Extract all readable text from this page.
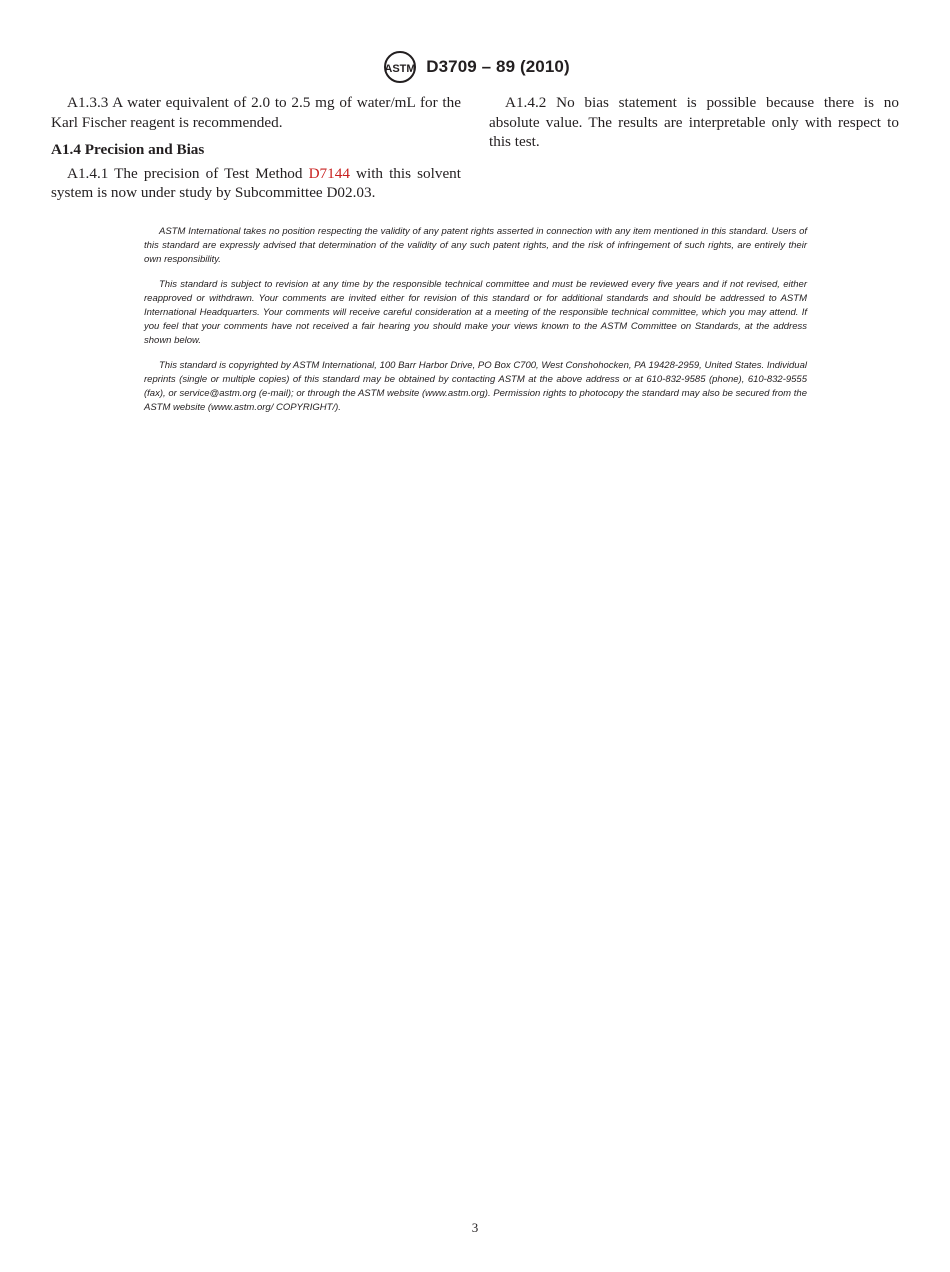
ASTM D3709 – 89 (2010)

A1.3.3 A water equivalent of 2.0 to 2.5 mg of water/mL for the Karl Fischer reagent is recommended.

A1.4 Precision and Bias

A1.4.1 The precision of Test Method D7144 with this solvent system is now under study by Subcommittee D02.03.

A1.4.2 No bias statement is possible because there is no absolute value. The results are interpretable only with respect to this test.

ASTM International takes no position respecting the validity of any patent rights asserted in connection with any item mentioned in this standard. Users of this standard are expressly advised that determination of the validity of any such patent rights, and the risk of infringement of such rights, are entirely their own responsibility.

This standard is subject to revision at any time by the responsible technical committee and must be reviewed every five years and if not revised, either reapproved or withdrawn. Your comments are invited either for revision of this standard or for additional standards and should be addressed to ASTM International Headquarters. Your comments will receive careful consideration at a meeting of the responsible technical committee, which you may attend. If you feel that your comments have not received a fair hearing you should make your views known to the ASTM Committee on Standards, at the address shown below.

This standard is copyrighted by ASTM International, 100 Barr Harbor Drive, PO Box C700, West Conshohocken, PA 19428-2959, United States. Individual reprints (single or multiple copies) of this standard may be obtained by contacting ASTM at the above address or at 610-832-9585 (phone), 610-832-9555 (fax), or service@astm.org (e-mail); or through the ASTM website (www.astm.org). Permission rights to photocopy the standard may also be secured from the ASTM website (www.astm.org/ COPYRIGHT/).

3
